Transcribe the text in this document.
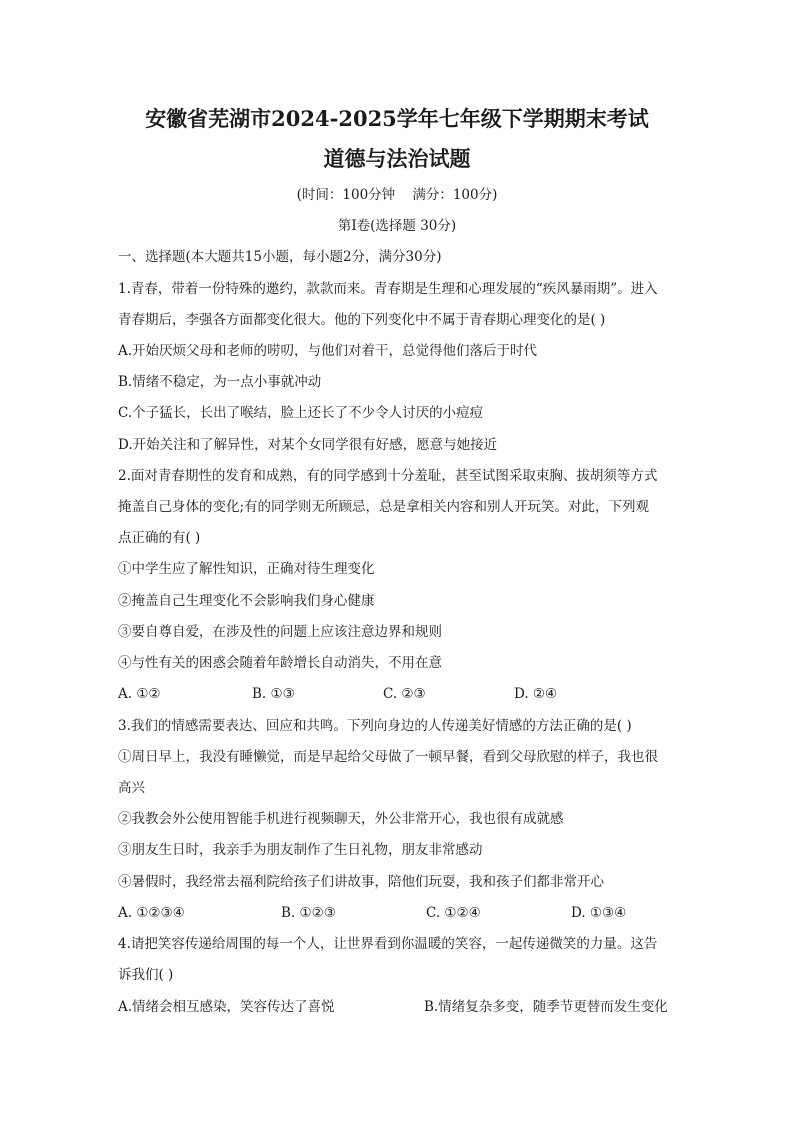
安徽省芜湖市2024-2025学年七年级下学期期末考试
道德与法治试题
(时间：100分钟    满分：100分)
第Ⅰ卷(选择题 30分)
一、选择题(本大题共15小题，每小题2分，满分30分)
1.青春，带着一份特殊的邀约，款款而来。青春期是生理和心理发展的“疾风暴雨期”。进入
青春期后，李强各方面都变化很大。他的下列变化中不属于青春期心理变化的是( )
A.开始厌烦父母和老师的唠叨，与他们对着干，总觉得他们落后于时代
B.情绪不稳定，为一点小事就冲动
C.个子猛长，长出了喉结，脸上还长了不少令人讨厌的小痘痘
D.开始关注和了解异性，对某个女同学很有好感，愿意与她接近
2.面对青春期性的发育和成熟，有的同学感到十分羞耻，甚至试图采取束胸、拔胡须等方式
掩盖自己身体的变化;有的同学则无所顾忌，总是拿相关内容和别人开玩笑。对此，下列观
点正确的有( )
①中学生应了解性知识，正确对待生理变化
②掩盖自己生理变化不会影响我们身心健康
③要自尊自爱，在涉及性的问题上应该注意边界和规则
④与性有关的困惑会随着年龄增长自动消失，不用在意
A. ①②	B. ①③	C. ②③	D. ②④
3.我们的情感需要表达、回应和共鸣。下列向身边的人传递美好情感的方法正确的是( )
①周日早上，我没有睡懒觉，而是早起给父母做了一顿早餐，看到父母欣慰的样子，我也很
高兴
②我教会外公使用智能手机进行视频聊天，外公非常开心，我也很有成就感
③朋友生日时，我亲手为朋友制作了生日礼物，朋友非常感动
④暑假时，我经常去福利院给孩子们讲故事，陪他们玩耍，我和孩子们都非常开心
A. ①②③④	B. ①②③	C. ①②④	D. ①③④
4.请把笑容传递给周围的每一个人，让世界看到你温暖的笑容，一起传递微笑的力量。这告
诉我们( )
A.情绪会相互感染，笑容传达了喜悦	B.情绪复杂多变，随季节更替而发生变化
